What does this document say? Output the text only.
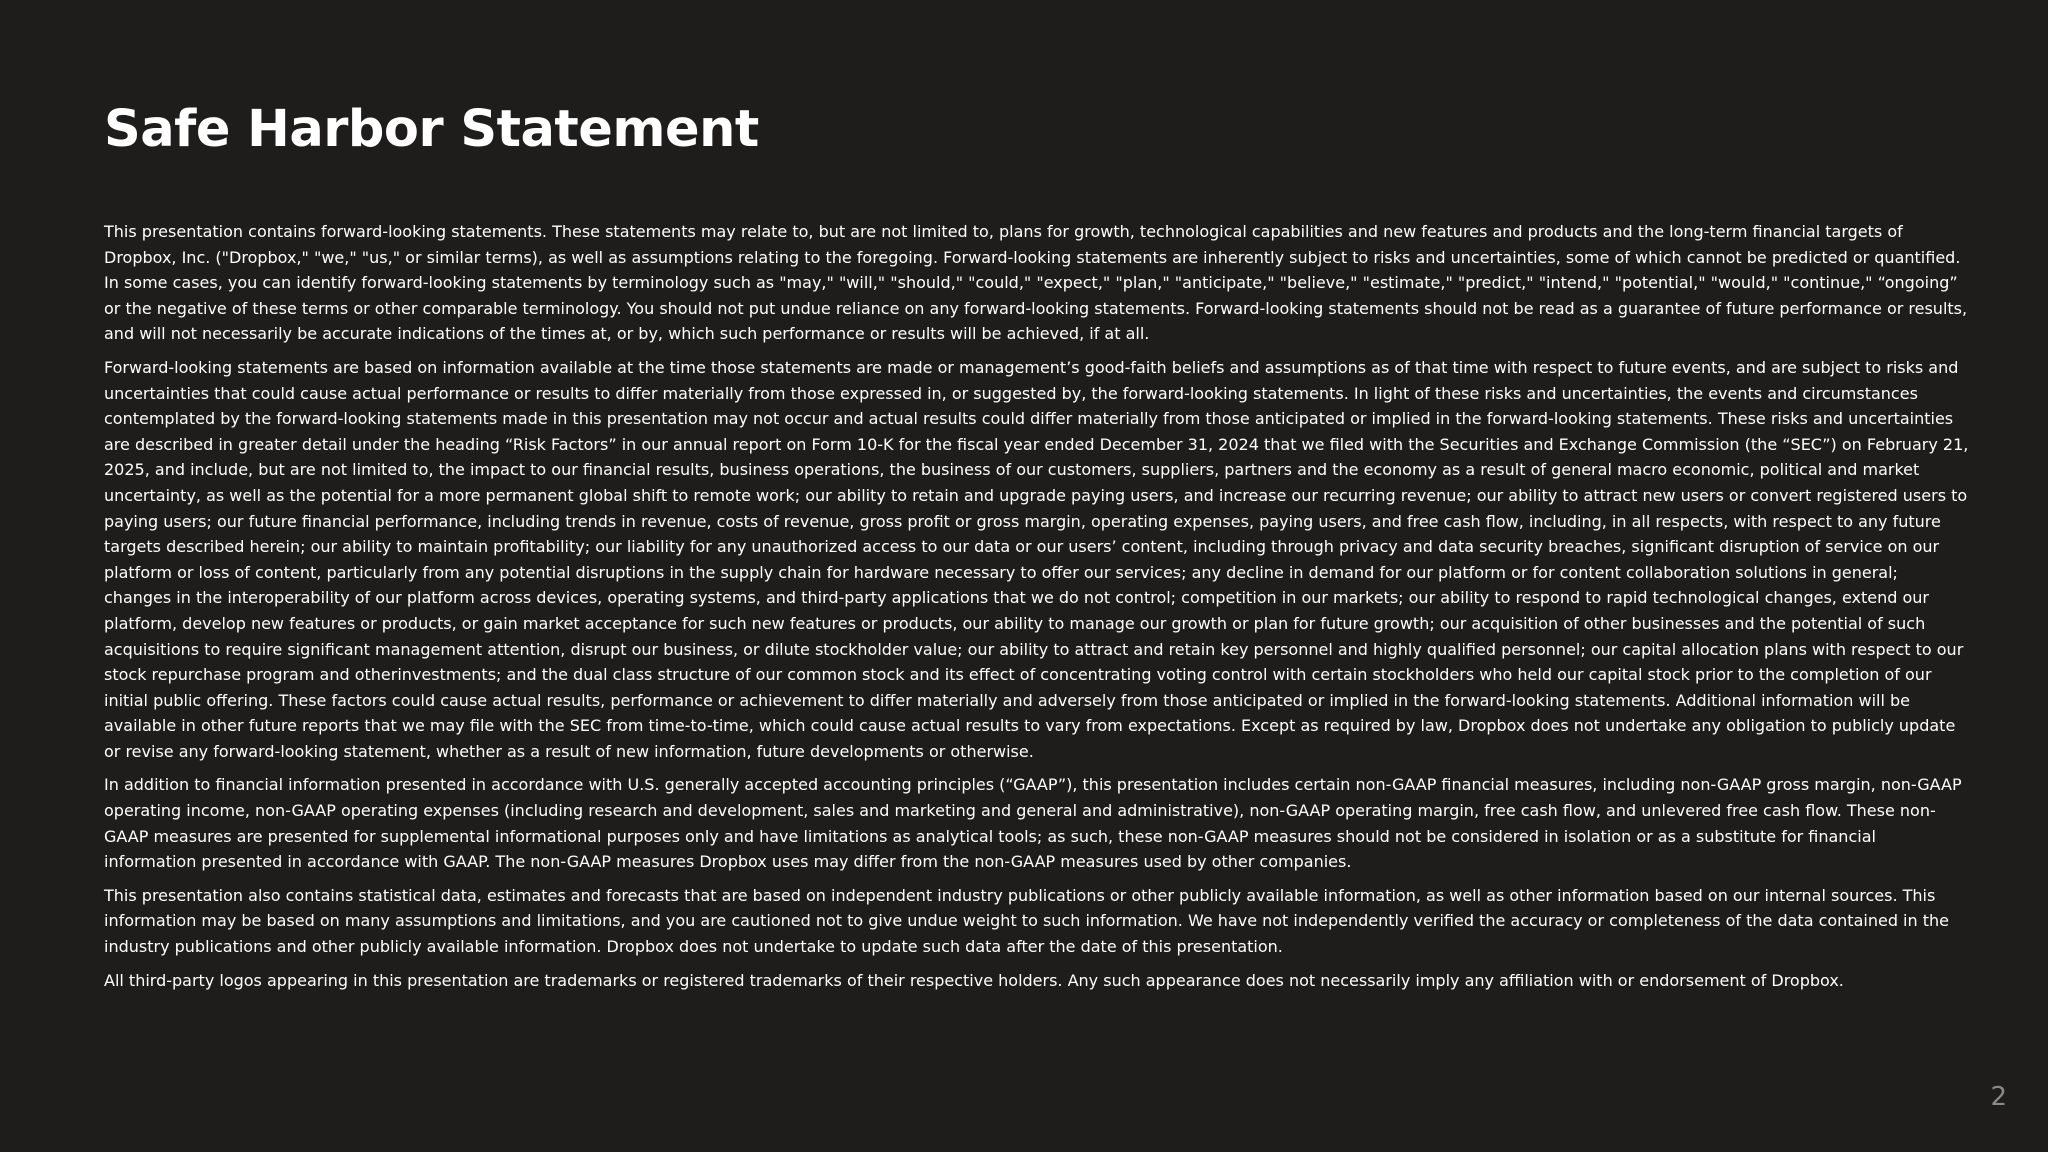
Safe Harbor Statement

This presentation contains forward-looking statements. These statements may relate to, but are not limited to, plans for growth, technological capabilities and new features and products and the long-term financial targets of Dropbox, Inc. ("Dropbox," "we," "us," or similar terms), as well as assumptions relating to the foregoing. Forward-looking statements are inherently subject to risks and uncertainties, some of which cannot be predicted or quantified. In some cases, you can identify forward-looking statements by terminology such as "may," "will," "should," "could," "expect," "plan," "anticipate," "believe," "estimate," "predict," "intend," "potential," "would," "continue," “ongoing” or the negative of these terms or other comparable terminology. You should not put undue reliance on any forward-looking statements. Forward-looking statements should not be read as a guarantee of future performance or results, and will not necessarily be accurate indications of the times at, or by, which such performance or results will be achieved, if at all.

Forward-looking statements are based on information available at the time those statements are made or management’s good-faith beliefs and assumptions as of that time with respect to future events, and are subject to risks and uncertainties that could cause actual performance or results to differ materially from those expressed in, or suggested by, the forward-looking statements. In light of these risks and uncertainties, the events and circumstances contemplated by the forward-looking statements made in this presentation may not occur and actual results could differ materially from those anticipated or implied in the forward-looking statements. These risks and uncertainties are described in greater detail under the heading “Risk Factors” in our annual report on Form 10-K for the fiscal year ended December 31, 2024 that we filed with the Securities and Exchange Commission (the “SEC”) on February 21, 2025, and include, but are not limited to, the impact to our financial results, business operations, the business of our customers, suppliers, partners and the economy as a result of general macro economic, political and market uncertainty, as well as the potential for a more permanent global shift to remote work; our ability to retain and upgrade paying users, and increase our recurring revenue; our ability to attract new users or convert registered users to paying users; our future financial performance, including trends in revenue, costs of revenue, gross profit or gross margin, operating expenses, paying users, and free cash flow, including, in all respects, with respect to any future targets described herein; our ability to maintain profitability; our liability for any unauthorized access to our data or our users’ content, including through privacy and data security breaches, significant disruption of service on our platform or loss of content, particularly from any potential disruptions in the supply chain for hardware necessary to offer our services; any decline in demand for our platform or for content collaboration solutions in general; changes in the interoperability of our platform across devices, operating systems, and third-party applications that we do not control; competition in our markets; our ability to respond to rapid technological changes, extend our platform, develop new features or products, or gain market acceptance for such new features or products, our ability to manage our growth or plan for future growth; our acquisition of other businesses and the potential of such acquisitions to require significant management attention, disrupt our business, or dilute stockholder value; our ability to attract and retain key personnel and highly qualified personnel; our capital allocation plans with respect to our stock repurchase program and otherinvestments; and the dual class structure of our common stock and its effect of concentrating voting control with certain stockholders who held our capital stock prior to the completion of our initial public offering. These factors could cause actual results, performance or achievement to differ materially and adversely from those anticipated or implied in the forward-looking statements. Additional information will be available in other future reports that we may file with the SEC from time-to-time, which could cause actual results to vary from expectations. Except as required by law, Dropbox does not undertake any obligation to publicly update or revise any forward-looking statement, whether as a result of new information, future developments or otherwise.

In addition to financial information presented in accordance with U.S. generally accepted accounting principles (“GAAP”), this presentation includes certain non-GAAP financial measures, including non-GAAP gross margin, non-GAAP operating income, non-GAAP operating expenses (including research and development, sales and marketing and general and administrative), non-GAAP operating margin, free cash flow, and unlevered free cash flow. These non-GAAP measures are presented for supplemental informational purposes only and have limitations as analytical tools; as such, these non-GAAP measures should not be considered in isolation or as a substitute for financial information presented in accordance with GAAP. The non-GAAP measures Dropbox uses may differ from the non-GAAP measures used by other companies.

This presentation also contains statistical data, estimates and forecasts that are based on independent industry publications or other publicly available information, as well as other information based on our internal sources. This information may be based on many assumptions and limitations, and you are cautioned not to give undue weight to such information. We have not independently verified the accuracy or completeness of the data contained in the industry publications and other publicly available information. Dropbox does not undertake to update such data after the date of this presentation.

All third-party logos appearing in this presentation are trademarks or registered trademarks of their respective holders. Any such appearance does not necessarily imply any affiliation with or endorsement of Dropbox.

2
